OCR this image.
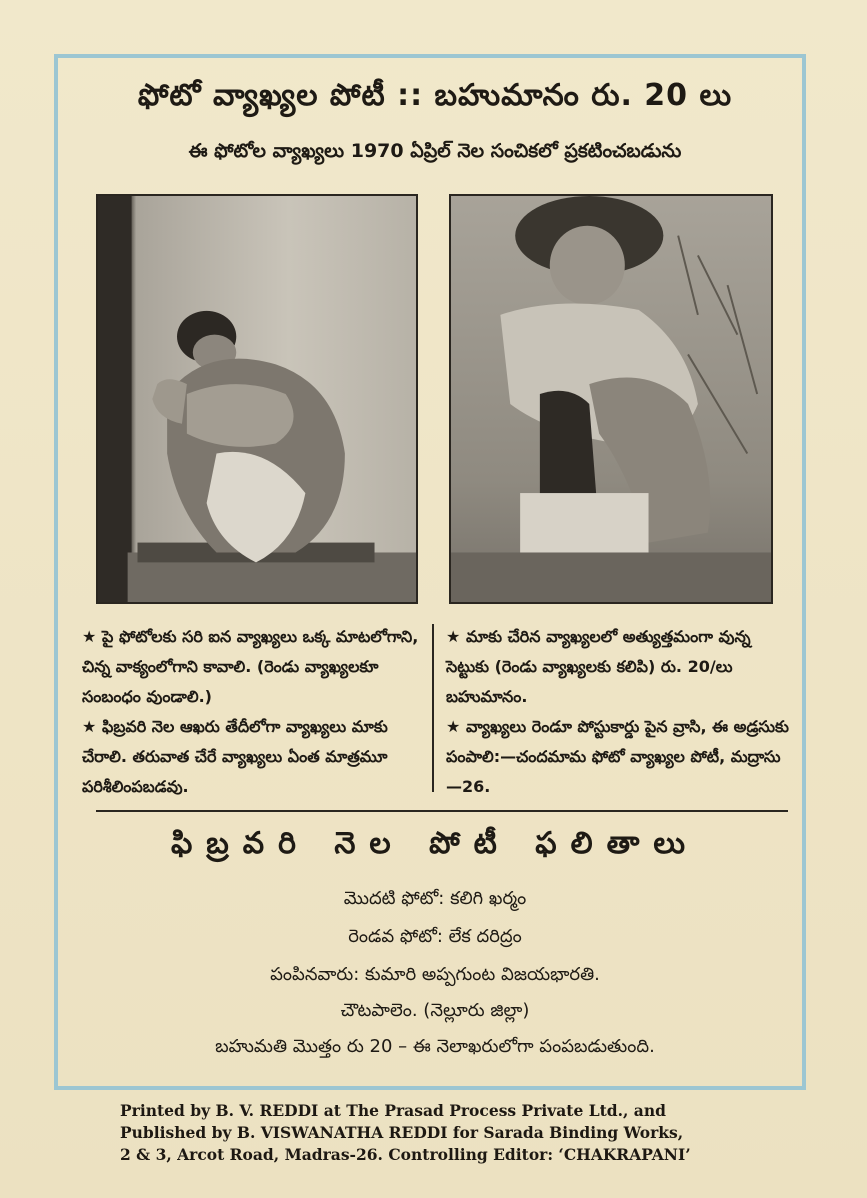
ఫోటో వ్యాఖ్యల పోటీ :: బహుమానం రు. 20 లు
ఈ ఫోటోల వ్యాఖ్యలు 1970 ఏప్రిల్ నెల సంచికలో ప్రకటించబడును
★ పై ఫోటోలకు సరి ఐన వ్యాఖ్యలు ఒక్క మాటలోగాని, చిన్న వాక్యంలోగాని కావాలి. (రెండు వ్యాఖ్యలకూ సంబంధం వుండాలి.)
★ ఫిబ్రవరి నెల ఆఖరు తేదీలోగా వ్యాఖ్యలు మాకు చేరాలి. తరువాత చేరే వ్యాఖ్యలు ఏంత మాత్రమూ పరిశీలింపబడవు.
★ మాకు చేరిన వ్యాఖ్యలలో అత్యుత్తమంగా వున్న సెట్టుకు (రెండు వ్యాఖ్యలకు కలిపి) రు. 20/లు బహుమానం.
★ వ్యాఖ్యలు రెండూ పోస్టుకార్డు పైన వ్రాసి, ఈ అడ్రసుకు పంపాలి:—చందమామ ఫోటో వ్యాఖ్యల పోటీ, మద్రాసు—26.
ఫిబ్రవరి నెల పోటీ ఫలితాలు
మొదటి ఫోటో: కలిగి ఖర్మం
రెండవ ఫోటో: లేక దరిద్రం
పంపినవారు: కుమారి అప్పగుంట విజయభారతి.
చౌటపాలెం. (నెల్లూరు జిల్లా)
బహుమతి మొత్తం రు 20 – ఈ నెలాఖరులోగా పంపబడుతుంది.
Printed by B. V. REDDI at The Prasad Process Private Ltd., and
Published by B. VISWANATHA REDDI for Sarada Binding Works,
2 & 3, Arcot Road, Madras-26. Controlling Editor: ‘CHAKRAPANI’
